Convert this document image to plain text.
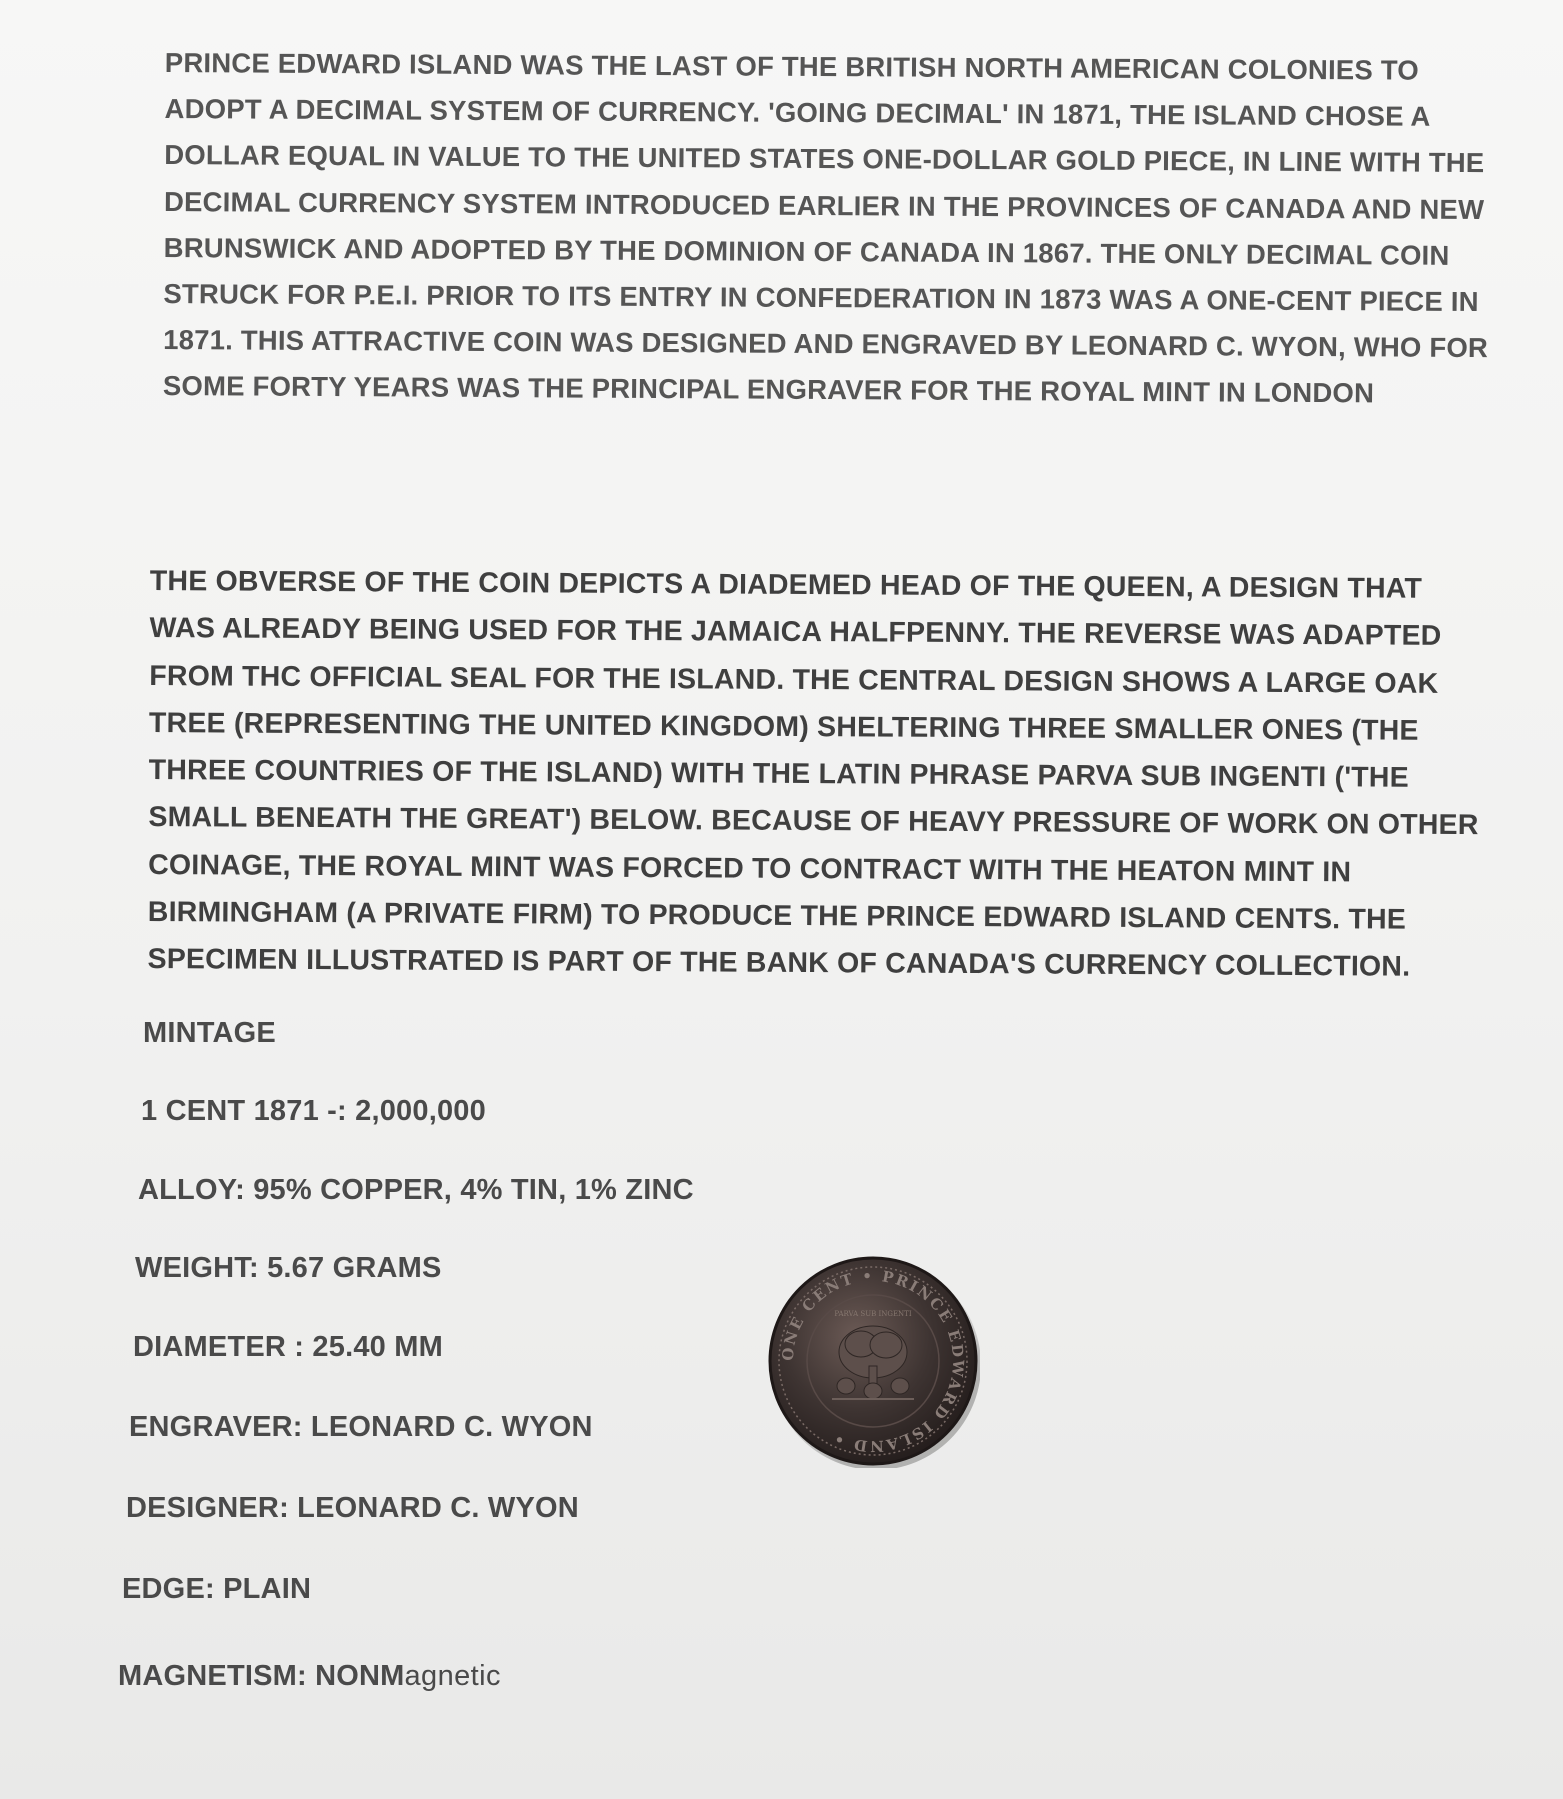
PRINCE EDWARD ISLAND WAS THE LAST OF THE BRITISH NORTH AMERICAN COLONIES TO ADOPT A DECIMAL SYSTEM OF CURRENCY. 'GOING DECIMAL' IN 1871, THE ISLAND CHOSE A DOLLAR EQUAL IN VALUE TO THE UNITED STATES ONE-DOLLAR GOLD PIECE, IN LINE WITH THE DECIMAL CURRENCY SYSTEM INTRODUCED EARLIER IN THE PROVINCES OF CANADA AND NEW BRUNSWICK AND ADOPTED BY THE DOMINION OF CANADA IN 1867. THE ONLY DECIMAL COIN STRUCK FOR P.E.I. PRIOR TO ITS ENTRY IN CONFEDERATION IN 1873 WAS A ONE-CENT PIECE IN 1871. THIS ATTRACTIVE COIN WAS DESIGNED AND ENGRAVED BY LEONARD C. WYON, WHO FOR SOME FORTY YEARS WAS THE PRINCIPAL ENGRAVER FOR THE ROYAL MINT IN LONDON

THE OBVERSE OF THE COIN DEPICTS A DIADEMED HEAD OF THE QUEEN, A DESIGN THAT WAS ALREADY BEING USED FOR THE JAMAICA HALFPENNY. THE REVERSE WAS ADAPTED FROM THC OFFICIAL SEAL FOR THE ISLAND. THE CENTRAL DESIGN SHOWS A LARGE OAK TREE (REPRESENTING THE UNITED KINGDOM) SHELTERING THREE SMALLER ONES (THE THREE COUNTRIES OF THE ISLAND) WITH THE LATIN PHRASE PARVA SUB INGENTI ('THE SMALL BENEATH THE GREAT') BELOW. BECAUSE OF HEAVY PRESSURE OF WORK ON OTHER COINAGE, THE ROYAL MINT WAS FORCED TO CONTRACT WITH THE HEATON MINT IN BIRMINGHAM (A PRIVATE FIRM) TO PRODUCE THE PRINCE EDWARD ISLAND CENTS. THE SPECIMEN ILLUSTRATED IS PART OF THE BANK OF CANADA'S CURRENCY COLLECTION.

MINTAGE

1 CENT 1871 -: 2,000,000

ALLOY: 95% COPPER, 4% TIN, 1% ZINC

WEIGHT: 5.67 GRAMS

DIAMETER : 25.40 MM

ENGRAVER: LEONARD C. WYON

DESIGNER: LEONARD C. WYON

EDGE: PLAIN

MAGNETISM: NONMagnetic

ONE CENT • PRINCE EDWARD ISLAND •
PARVA SUB INGENTI
